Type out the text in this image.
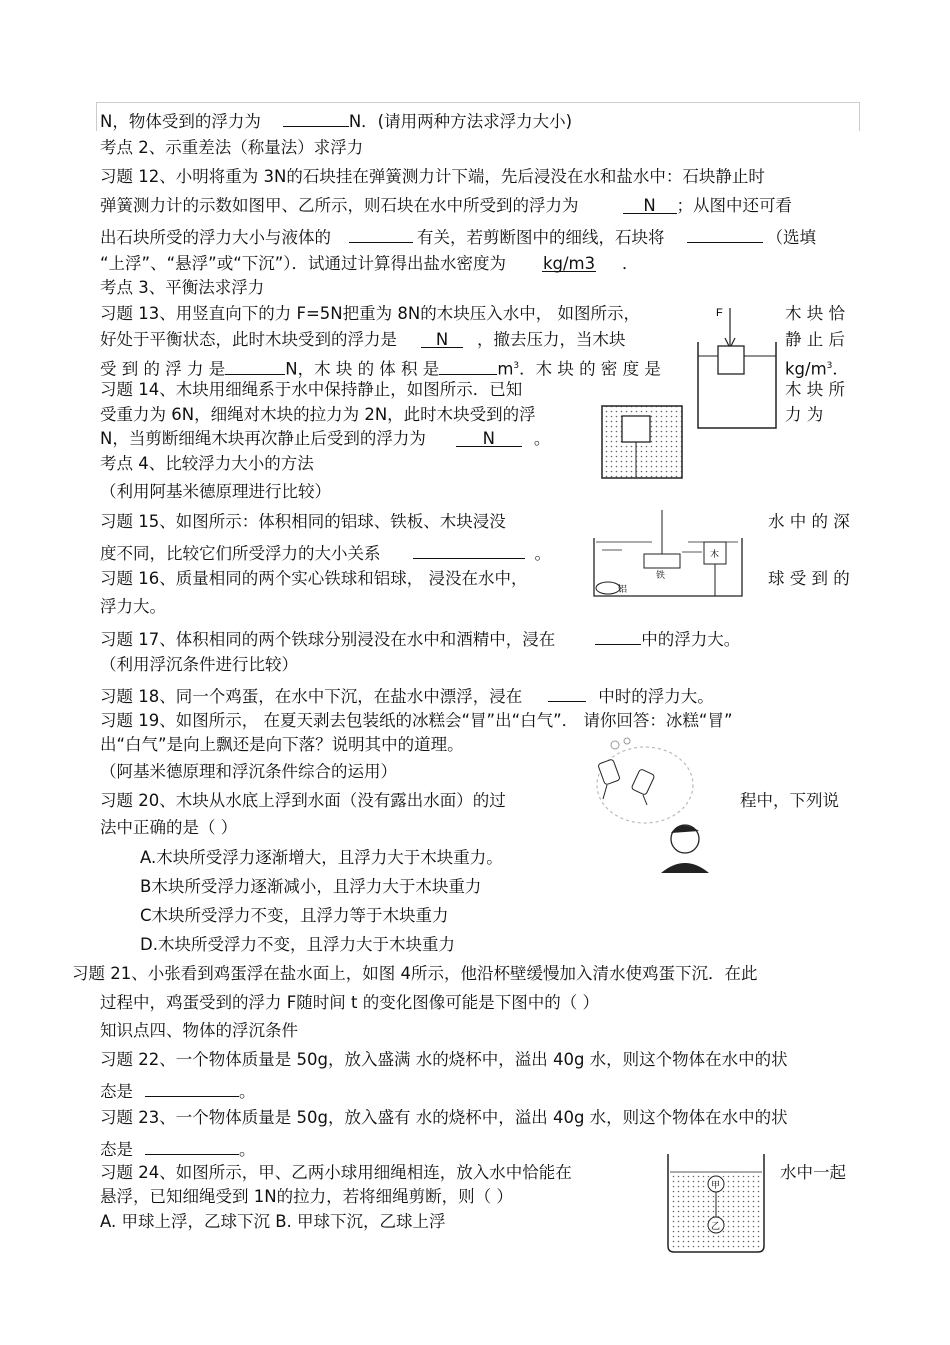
N，物体受到的浮力为	N．(请用两种方法求浮力大小)
考点 2、示重差法（称量法）求浮力
习题 12、小明将重为 3N的石块挂在弹簧测力计下端，先后浸没在水和盐水中：石块静止时
弹簧测力计的示数如图甲、乙所示，则石块在水中所受到的浮力为	N ；从图中还可看
出石块所受的浮力大小与液体的	有关，若剪断图中的细线，石块将	（选填
“上浮”、“悬浮”或“下沉”）．试通过计算得出盐水密度为 kg/m3 ．
考点 3、平衡法求浮力
习题 13、用竖直向下的力 F=5N把重为 8N的木块压入水中， 如图所示，	木 块 恰
好处于平衡状态，此时木块受到的浮力是 N ，撤去压力，当木块	静 止 后
受 到 的 浮 力 是	N，木 块 的 体 积 是	$m^3$．木 块 的 密 度 是	$kg/m^3$．
习题 14、木块用细绳系于水中保持静止，如图所示．已知	木 块 所
受重力为 6N，细绳对木块的拉力为 2N，此时木块受到的浮	力 为
N，当剪断细绳木块再次静止后受到的浮力为	N 。
考点 4、比较浮力大小的方法
（利用阿基米德原理进行比较）
习题 15、如图所示：体积相同的铝球、铁板、木块浸没	水 中 的 深
度不同，比较它们所受浮力的大小关系	。
习题 16、质量相同的两个实心铁球和铝球， 浸没在水中，	球 受 到 的
浮力大。
习题 17、体积相同的两个铁球分别浸没在水中和酒精中，浸在	中的浮力大。
（利用浮沉条件进行比较）
习题 18、同一个鸡蛋，在水中下沉，在盐水中漂浮，浸在	中时的浮力大。
习题 19、如图所示， 在夏天剥去包装纸的冰糕会“冒”出“白气”． 请你回答：冰糕“冒”
出“白气”是向上飘还是向下落？说明其中的道理。
（阿基米德原理和浮沉条件综合的运用）
习题 20、木块从水底上浮到水面（没有露出水面）的过	程中，下列说
法中正确的是（ ）
A.木块所受浮力逐渐增大，且浮力大于木块重力。
B木块所受浮力逐渐减小，且浮力大于木块重力
C木块所受浮力不变，且浮力等于木块重力
D.木块所受浮力不变，且浮力大于木块重力
习题 21、小张看到鸡蛋浮在盐水面上，如图 4所示，他沿杯壁缓慢加入清水使鸡蛋下沉．在此
过程中，鸡蛋受到的浮力 F随时间 t 的变化图像可能是下图中的（ ）
知识点四、物体的浮沉条件
习题 22、一个物体质量是 50g，放入盛满 水的烧杯中，溢出 40g 水，则这个物体在水中的状
态是	。
习题 23、一个物体质量是 50g，放入盛有 水的烧杯中，溢出 40g 水，则这个物体在水中的状
态是	。
习题 24、如图所示，甲、乙两小球用细绳相连，放入水中恰能在	水中一起
悬浮，已知细绳受到 1N的拉力，若将细绳剪断，则（ ）
A. 甲球上浮，乙球下沉 B. 甲球下沉，乙球上浮
F
铁
木
铝
甲
乙
